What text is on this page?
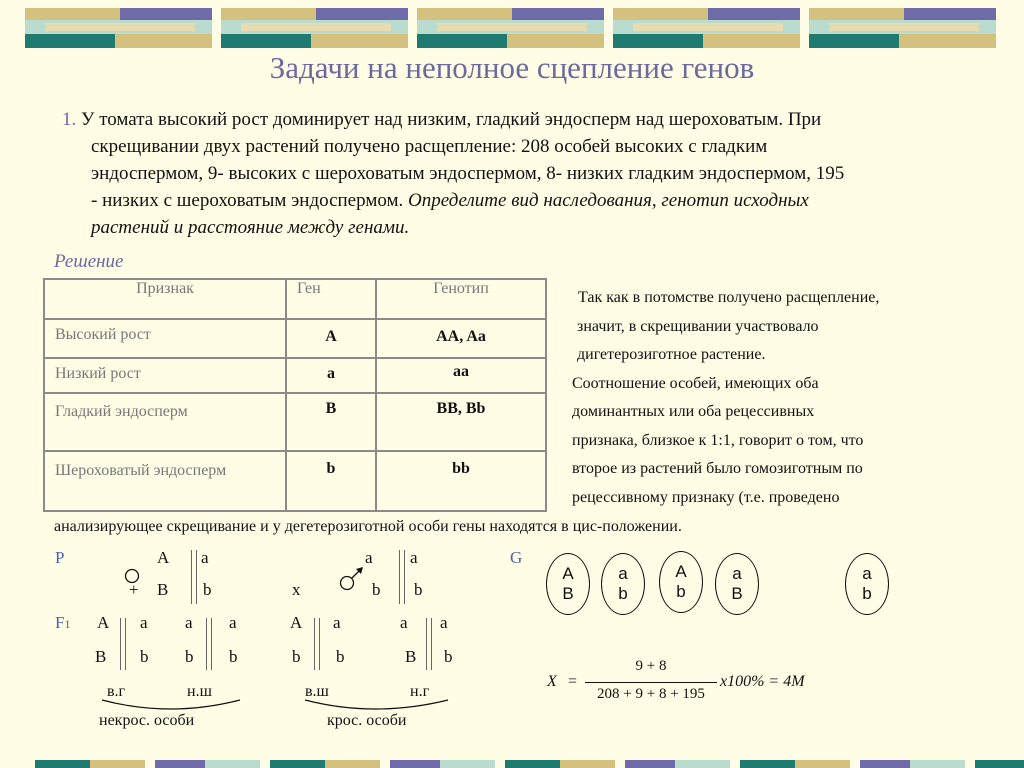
Задачи на неполное сцепление генов
1. У томата высокий рост доминирует над низким, гладкий эндосперм над шероховатым. При
скрещивании двух растений получено расщепление: 208 особей высоких с гладким
эндоспермом, 9- высоких с шероховатым эндоспермом, 8- низких гладким эндоспермом, 195
- низких с шероховатым эндоспермом. Определите вид наследования, генотип исходных
растений и расстояние между генами.
Решение
Признак	Ген	Генотип
Высокий рост	A	AA, Aa
Низкий рост	a	aa
Гладкий эндосперм	B	BB, Bb
Шероховатый эндосперм	b	bb
Так как в потомстве получено расщепление,
значит, в скрещивании участвовало
дигетерозиготное растение.
Соотношение особей, имеющих оба
доминантных или оба рецессивных
признака, близкое к 1:1, говорит о том, что
второе из растений было гомозиготным по
рецессивному признаку (т.е. проведено
анализирующее скрещивание и у дегетерозиготной особи гены находятся в цис-положении.
P	A a
B b
+	x
a a
b b
G
A
B
a
b
A
b
a
B
a
b
F1 A a
B b
a a
b b
A a
b b
a a
B b
в.г	н.ш	в.ш	н.г
некрос. особи	крос. особи
X =
9 + 8
208 + 9 + 8 + 195
x100% = 4M
